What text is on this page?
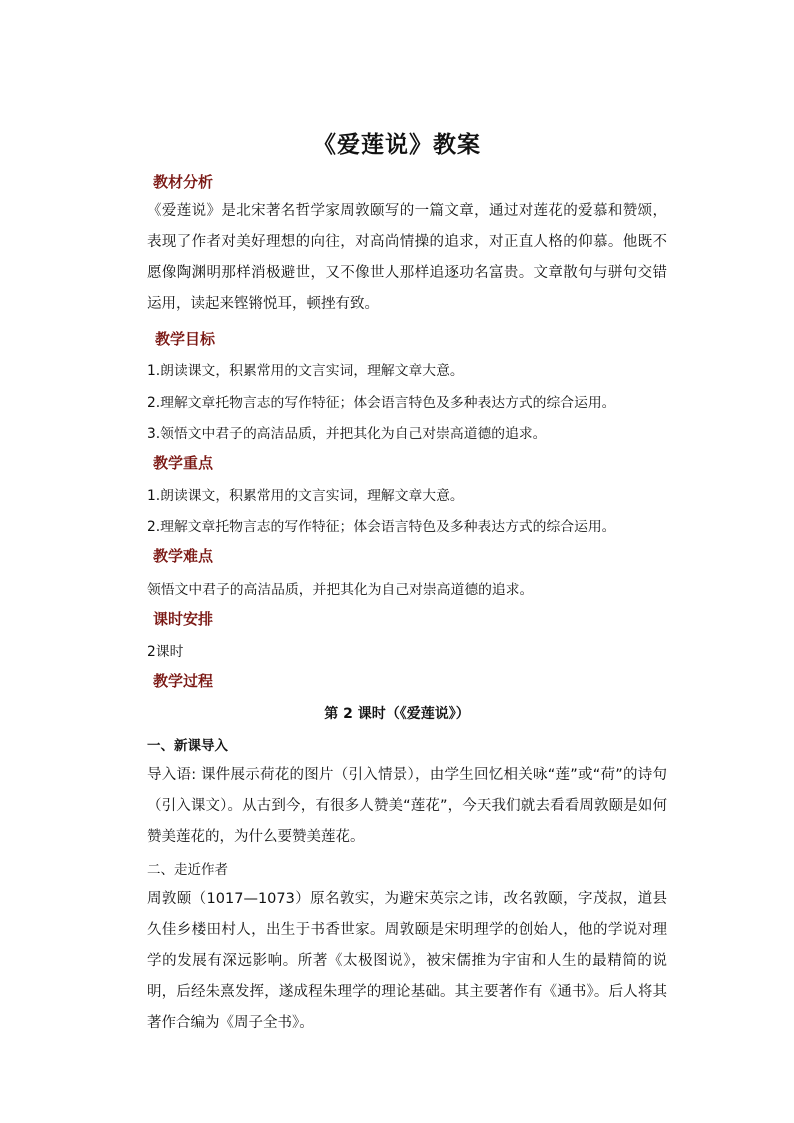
《爱莲说》教案
教材分析
《爱莲说》是北宋著名哲学家周敦颐写的一篇文章，通过对莲花的爱慕和赞颂，表现了作者对美好理想的向往，对高尚情操的追求，对正直人格的仰慕。他既不愿像陶渊明那样消极避世，又不像世人那样追逐功名富贵。文章散句与骈句交错运用，读起来铿锵悦耳，顿挫有致。
教学目标
1.朗读课文，积累常用的文言实词，理解文章大意。
2.理解文章托物言志的写作特征；体会语言特色及多种表达方式的综合运用。
3.领悟文中君子的高洁品质，并把其化为自己对崇高道德的追求。
教学重点
1.朗读课文，积累常用的文言实词，理解文章大意。
2.理解文章托物言志的写作特征；体会语言特色及多种表达方式的综合运用。
教学难点
领悟文中君子的高洁品质，并把其化为自己对崇高道德的追求。
课时安排
2课时
教学过程
第 2 课时（《爱莲说》）
一、新课导入
导入语: 课件展示荷花的图片（引入情景），由学生回忆相关咏“莲”或“荷”的诗句（引入课文）。从古到今，有很多人赞美“莲花”，今天我们就去看看周敦颐是如何赞美莲花的，为什么要赞美莲花。
二、走近作者
周敦颐（1017—1073）原名敦实，为避宋英宗之讳，改名敦颐，字茂叔，道县久佳乡楼田村人，出生于书香世家。周敦颐是宋明理学的创始人，他的学说对理学的发展有深远影响。所著《太极图说》，被宋儒推为宇宙和人生的最精简的说明，后经朱熹发挥，遂成程朱理学的理论基础。其主要著作有《通书》。后人将其著作合编为《周子全书》。
